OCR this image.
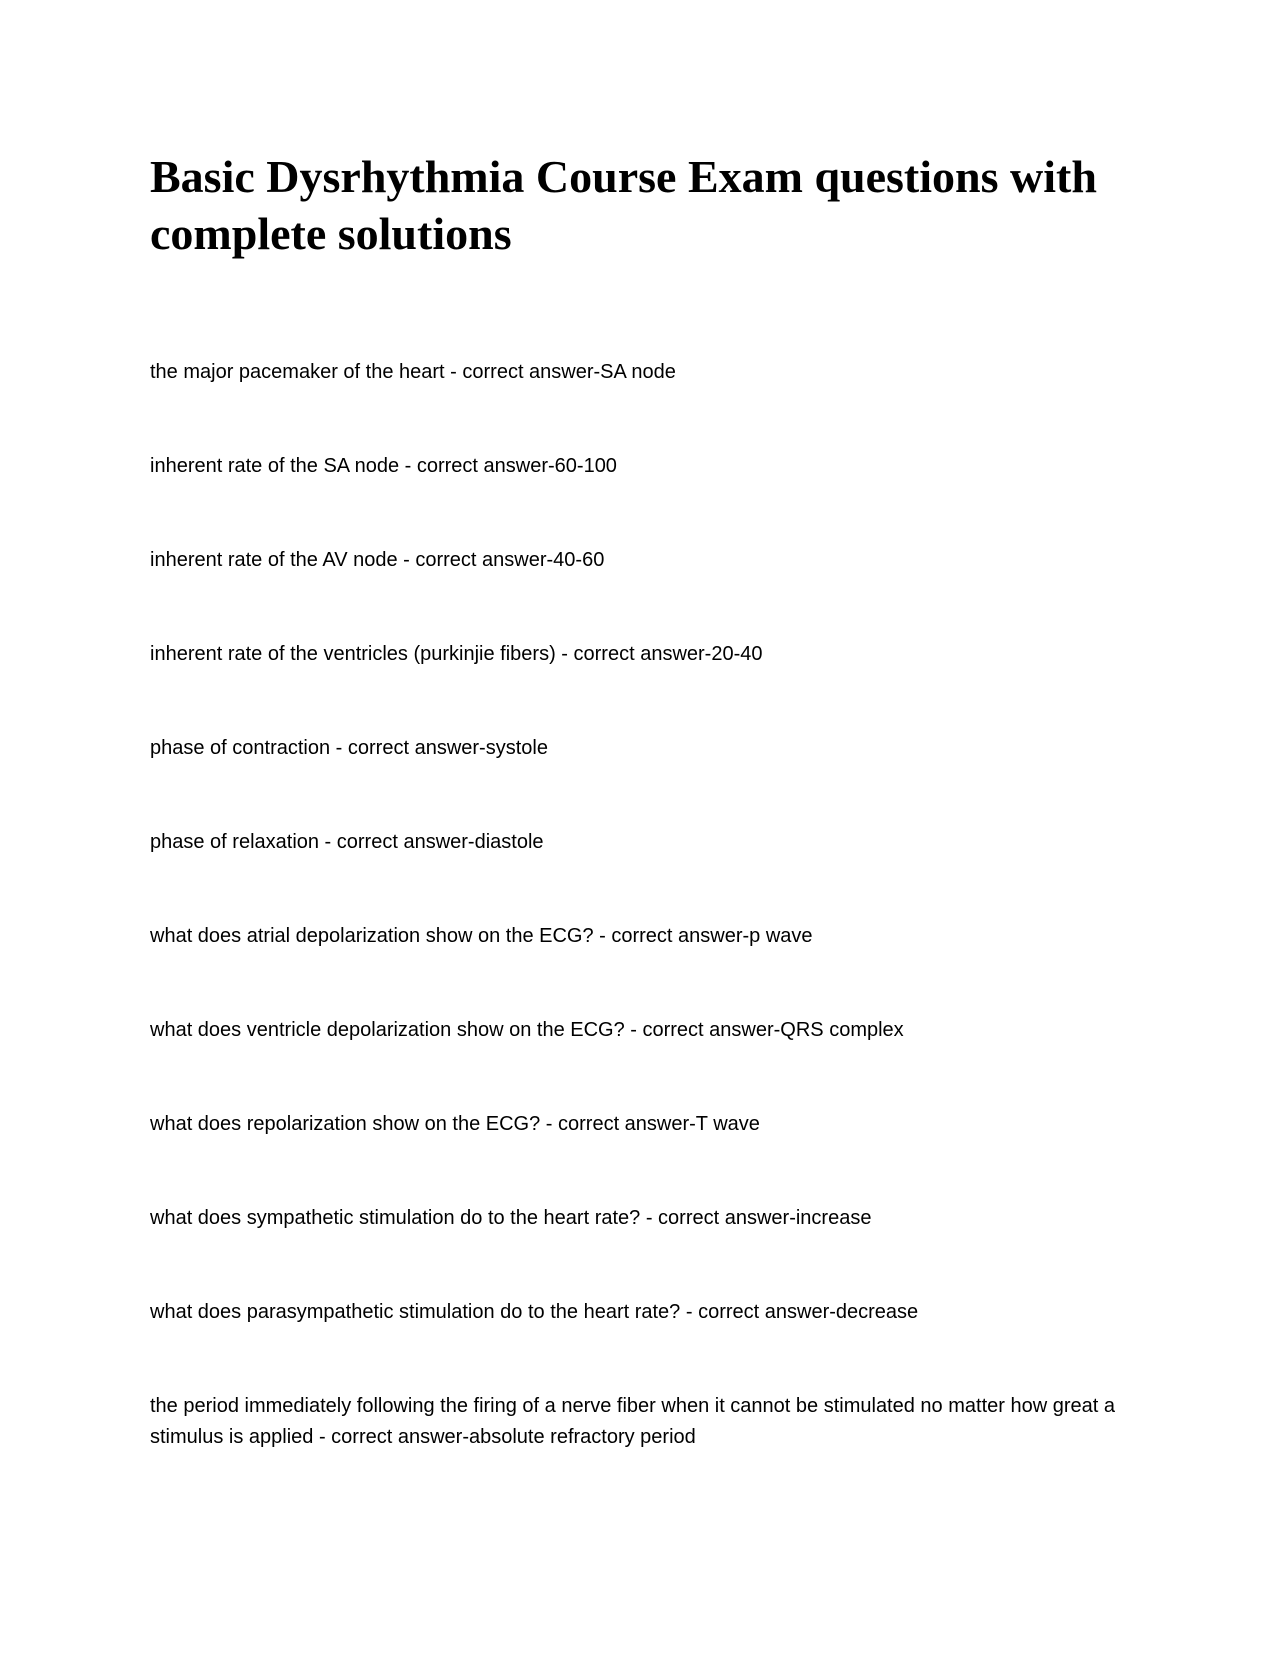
Basic Dysrhythmia Course Exam questions with complete solutions
the major pacemaker of the heart - correct answer-SA node
inherent rate of the SA node - correct answer-60-100
inherent rate of the AV node - correct answer-40-60
inherent rate of the ventricles (purkinjie fibers) - correct answer-20-40
phase of contraction - correct answer-systole
phase of relaxation - correct answer-diastole
what does atrial depolarization show on the ECG? - correct answer-p wave
what does ventricle depolarization show on the ECG? - correct answer-QRS complex
what does repolarization show on the ECG? - correct answer-T wave
what does sympathetic stimulation do to the heart rate? - correct answer-increase
what does parasympathetic stimulation do to the heart rate? - correct answer-decrease
the period immediately following the firing of a nerve fiber when it cannot be stimulated no matter how great a stimulus is applied - correct answer-absolute refractory period
